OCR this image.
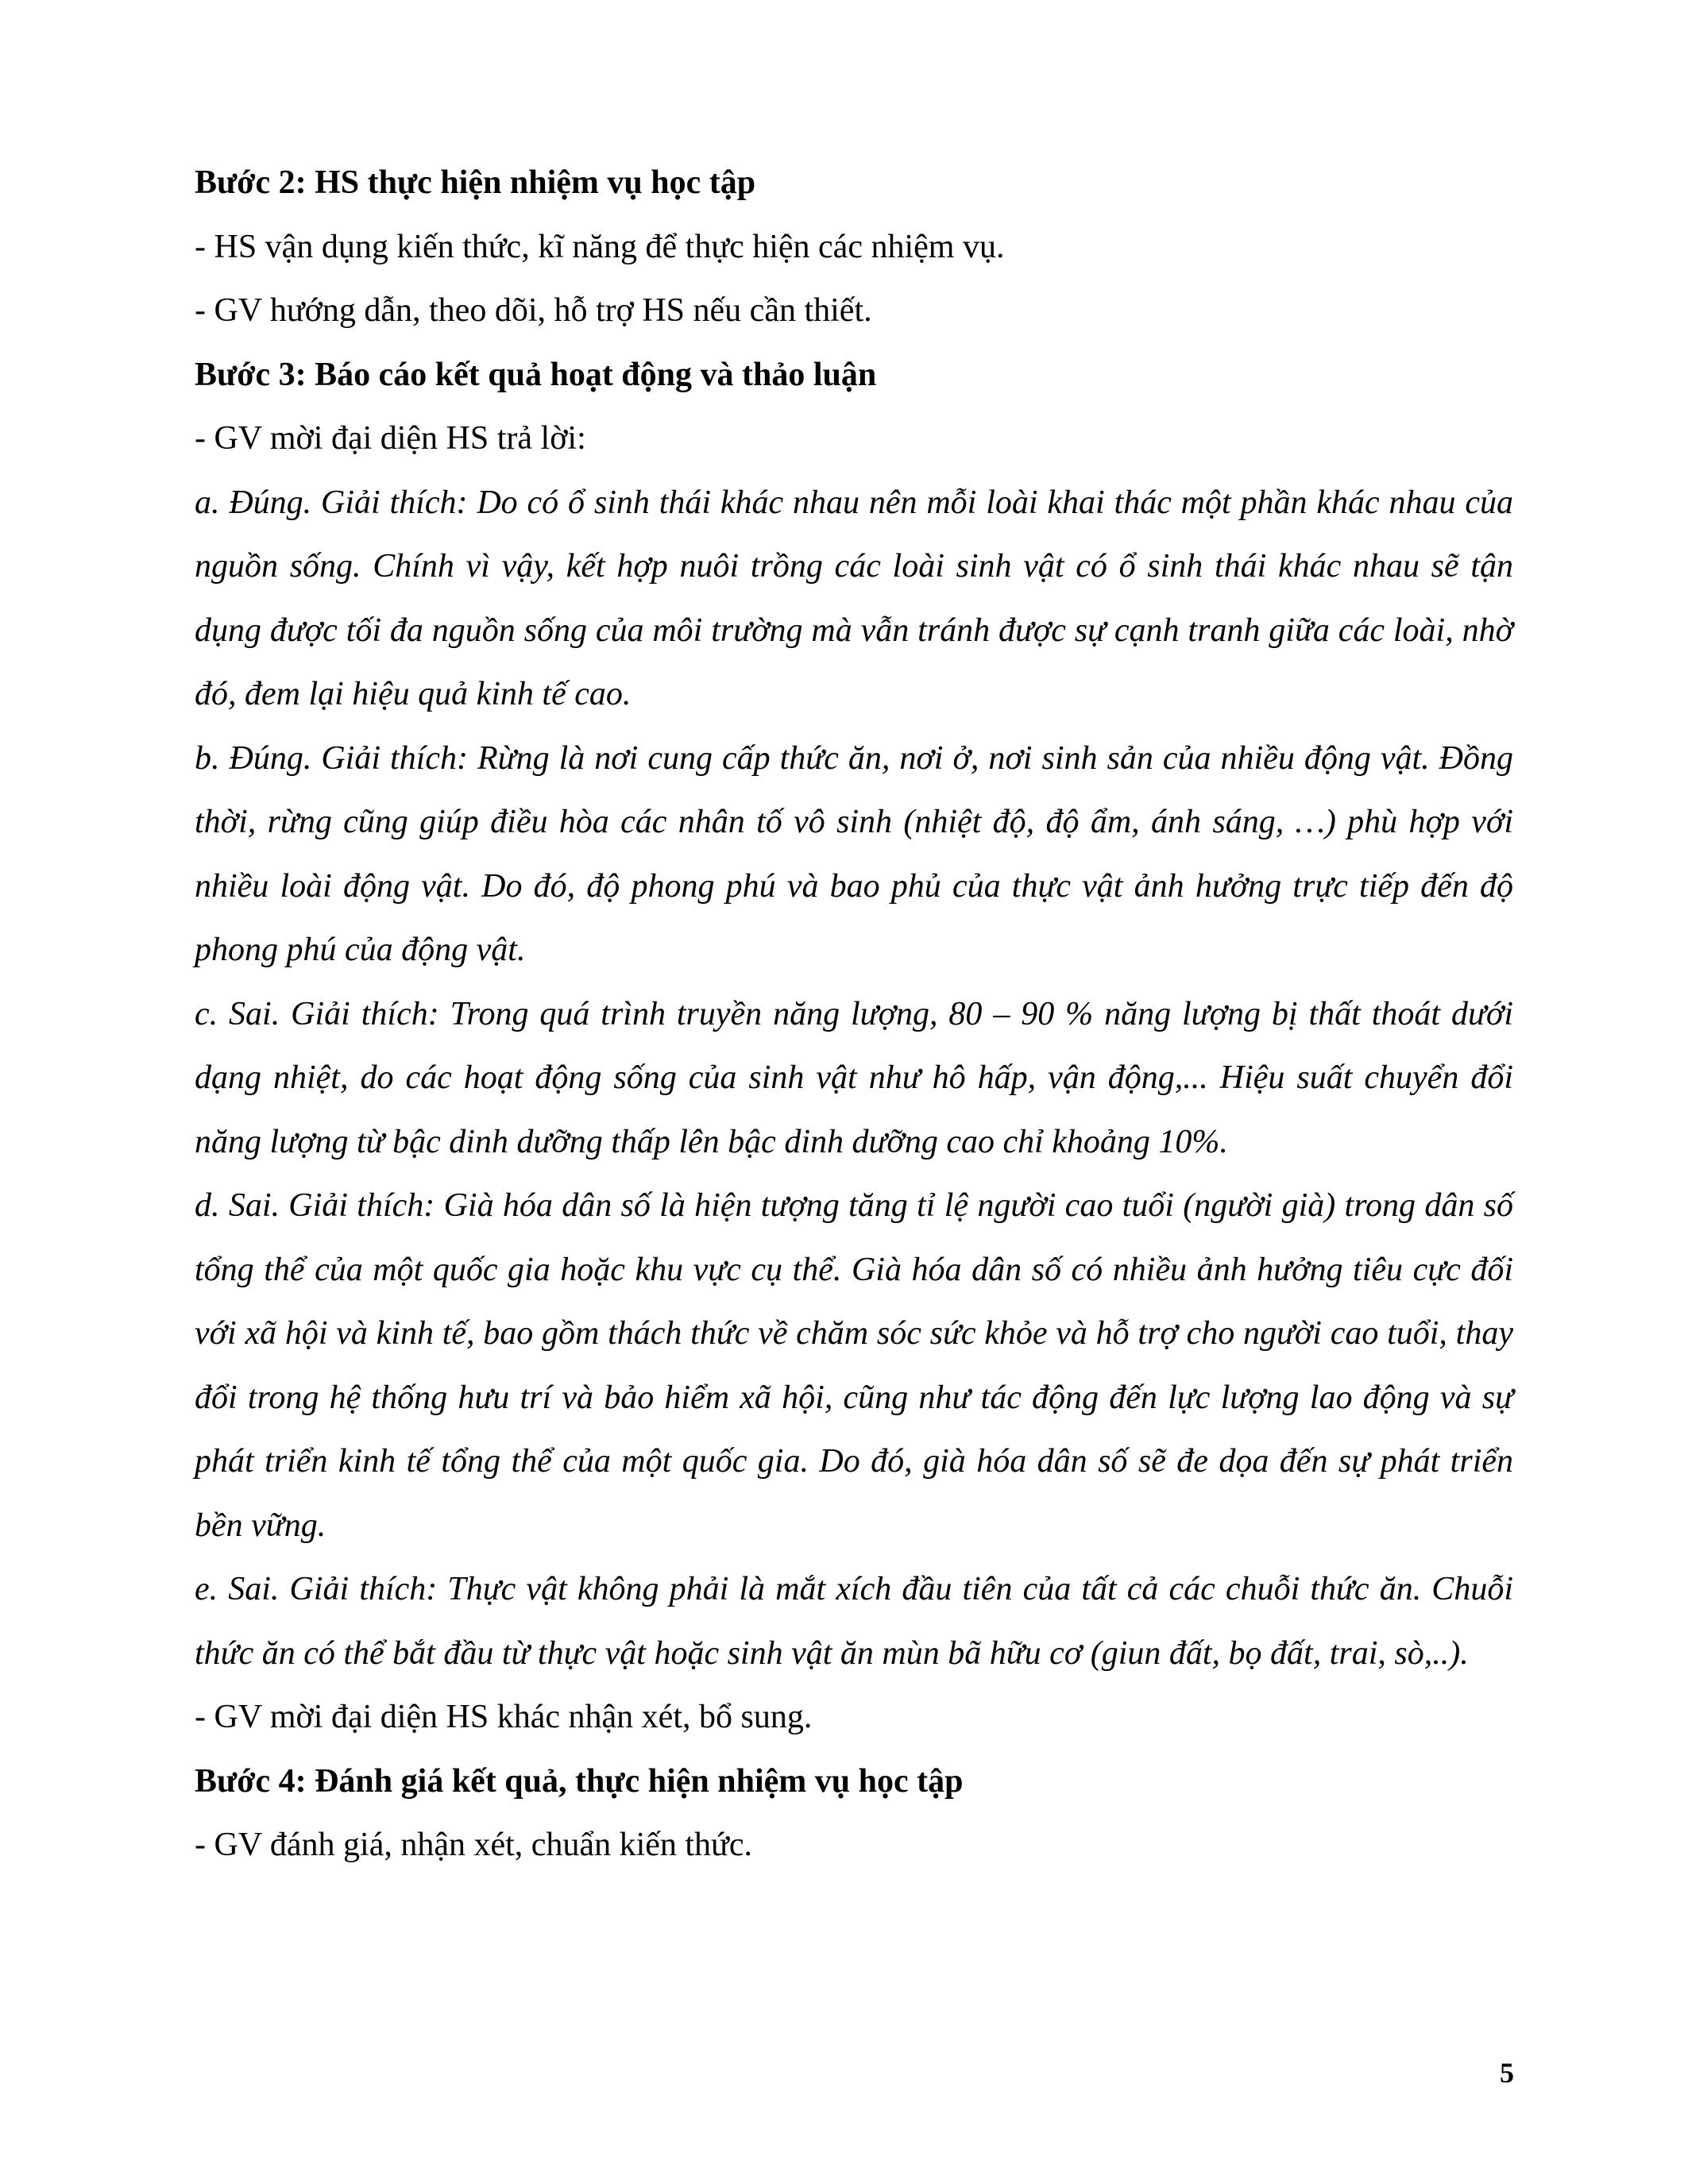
Bước 2: HS thực hiện nhiệm vụ học tập

- HS vận dụng kiến thức, kĩ năng để thực hiện các nhiệm vụ.

- GV hướng dẫn, theo dõi, hỗ trợ HS nếu cần thiết.

Bước 3: Báo cáo kết quả hoạt động và thảo luận

- GV mời đại diện HS trả lời:

a. Đúng. Giải thích: Do có ổ sinh thái khác nhau nên mỗi loài khai thác một phần khác nhau của nguồn sống. Chính vì vậy, kết hợp nuôi trồng các loài sinh vật có ổ sinh thái khác nhau sẽ tận dụng được tối đa nguồn sống của môi trường mà vẫn tránh được sự cạnh tranh giữa các loài, nhờ đó, đem lại hiệu quả kinh tế cao.

b. Đúng. Giải thích: Rừng là nơi cung cấp thức ăn, nơi ở, nơi sinh sản của nhiều động vật. Đồng thời, rừng cũng giúp điều hòa các nhân tố vô sinh (nhiệt độ, độ ẩm, ánh sáng, …) phù hợp với nhiều loài động vật. Do đó, độ phong phú và bao phủ của thực vật ảnh hưởng trực tiếp đến độ phong phú của động vật.

c. Sai. Giải thích: Trong quá trình truyền năng lượng, 80 – 90 % năng lượng bị thất thoát dưới dạng nhiệt, do các hoạt động sống của sinh vật như hô hấp, vận động,... Hiệu suất chuyển đổi năng lượng từ bậc dinh dưỡng thấp lên bậc dinh dưỡng cao chỉ khoảng 10%.

d. Sai. Giải thích: Già hóa dân số là hiện tượng tăng tỉ lệ người cao tuổi (người già) trong dân số tổng thể của một quốc gia hoặc khu vực cụ thể. Già hóa dân số có nhiều ảnh hưởng tiêu cực đối với xã hội và kinh tế, bao gồm thách thức về chăm sóc sức khỏe và hỗ trợ cho người cao tuổi, thay đổi trong hệ thống hưu trí và bảo hiểm xã hội, cũng như tác động đến lực lượng lao động và sự phát triển kinh tế tổng thể của một quốc gia. Do đó, già hóa dân số sẽ đe dọa đến sự phát triển bền vững.

e. Sai. Giải thích: Thực vật không phải là mắt xích đầu tiên của tất cả các chuỗi thức ăn. Chuỗi thức ăn có thể bắt đầu từ thực vật hoặc sinh vật ăn mùn bã hữu cơ (giun đất, bọ đất, trai, sò,..).

- GV mời đại diện HS khác nhận xét, bổ sung.

Bước 4: Đánh giá kết quả, thực hiện nhiệm vụ học tập

- GV đánh giá, nhận xét, chuẩn kiến thức.

5
